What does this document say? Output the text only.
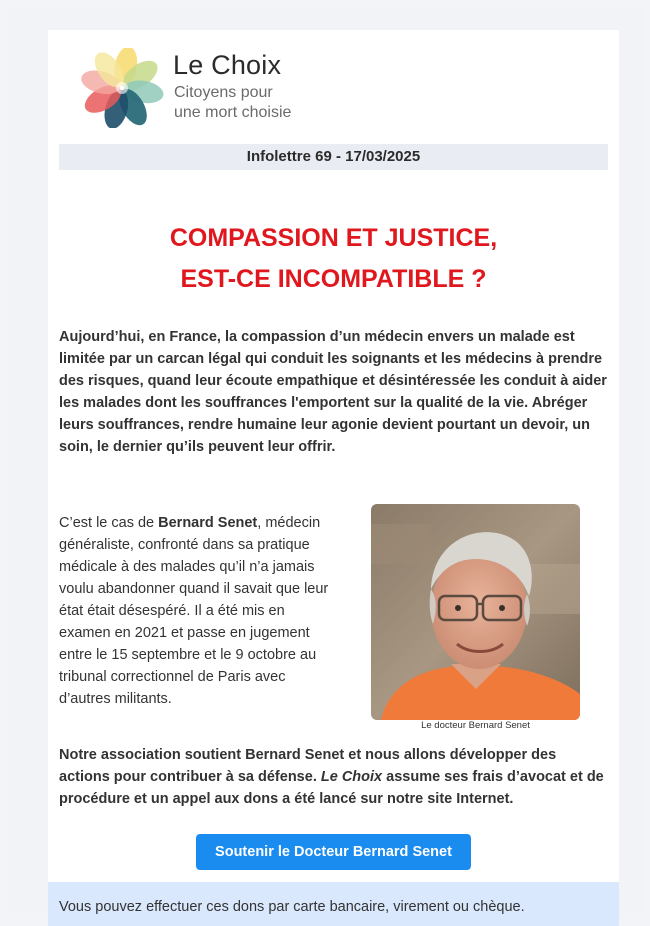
Le Choix
Citoyens pour
une mort choisie
Infolettre 69 - 17/03/2025
COMPASSION ET JUSTICE,
EST-CE INCOMPATIBLE ?
Aujourd’hui, en France, la compassion d’un médecin envers un malade est limitée par un carcan légal qui conduit les soignants et les médecins à prendre des risques, quand leur écoute empathique et désintéressée les conduit à aider les malades dont les souffrances l'emportent sur la qualité de la vie. Abréger leurs souffrances, rendre humaine leur agonie devient pourtant un devoir, un soin, le dernier qu’ils peuvent leur offrir.
C’est le cas de Bernard Senet, médecin généraliste, confronté dans sa pratique médicale à des malades qu’il n’a jamais voulu abandonner quand il savait que leur état était désespéré. Il a été mis en examen en 2021 et passe en jugement entre le 15 septembre et le 9 octobre au tribunal correctionnel de Paris avec d’autres militants.
Le docteur Bernard Senet
Notre association soutient Bernard Senet et nous allons développer des actions pour contribuer à sa défense. Le Choix assume ses frais d’avocat et de procédure et un appel aux dons a été lancé sur notre site Internet.
Soutenir le Docteur Bernard Senet
Vous pouvez effectuer ces dons par carte bancaire, virement ou chèque.
